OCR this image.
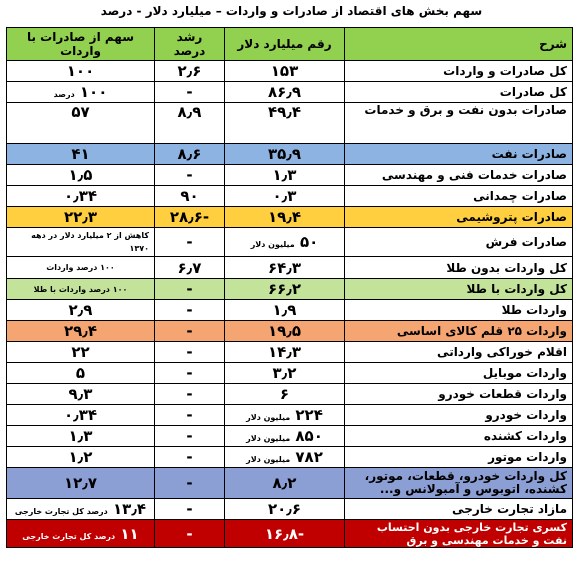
سهم بخش های اقتصاد از صادرات و واردات – میلیارد دلار - درصد
شرح	رقم میلیارد دلار	رشد درصد	سهم از صادرات با واردات
کل صادرات و واردات	۱۵۳	۲٫۶	۱۰۰
کل صادرات	۸۶٫۹	-	۱۰۰ درصد
صادرات بدون نفت و برق و خدمات	۴۹٫۴	۸٫۹	۵۷
صادرات نفت	۳۵٫۹	۸٫۶	۴۱
صادرات خدمات فنی و مهندسی	۱٫۳	-	۱٫۵
صادرات چمدانی	۰٫۳	۹۰	۰٫۳۴
صادرات پتروشیمی	۱۹٫۴	-۲۸٫۶	۲۲٫۳
صادرات فرش	۵۰ میلیون دلار	-	کاهش از ۲ میلیارد دلار در دهه ۱۳۷۰
کل واردات بدون طلا	۶۴٫۳	۶٫۷	۱۰۰ درصد واردات
کل واردات با طلا	۶۶٫۲	-	۱۰۰ درصد واردات با طلا
واردات طلا	۱٫۹	-	۲٫۹
واردات ۲۵ قلم کالای اساسی	۱۹٫۵	-	۲۹٫۴
اقلام خوراکی وارداتی	۱۴٫۳	-	۲۲
واردات موبایل	۳٫۲	-	۵
واردات قطعات خودرو	۶	-	۹٫۳
واردات خودرو	۲۲۴ میلیون دلار	-	۰٫۳۴
واردات کشنده	۸۵۰ میلیون دلار	-	۱٫۳
واردات موتور	۷۸۲ میلیون دلار	-	۱٫۲
کل واردات خودرو، قطعات، موتور، کشنده، اتوبوس و آمبولانس و...	۸٫۲	-	۱۲٫۷
مازاد تجارت خارجی	۲۰٫۶	-	۱۳٫۴ درصد کل تجارت خارجی
کسری تجارت خارجی بدون احتساب نفت و خدمات مهندسی و برق	-۱۶٫۸	-	۱۱ درصد کل تجارت خارجی
